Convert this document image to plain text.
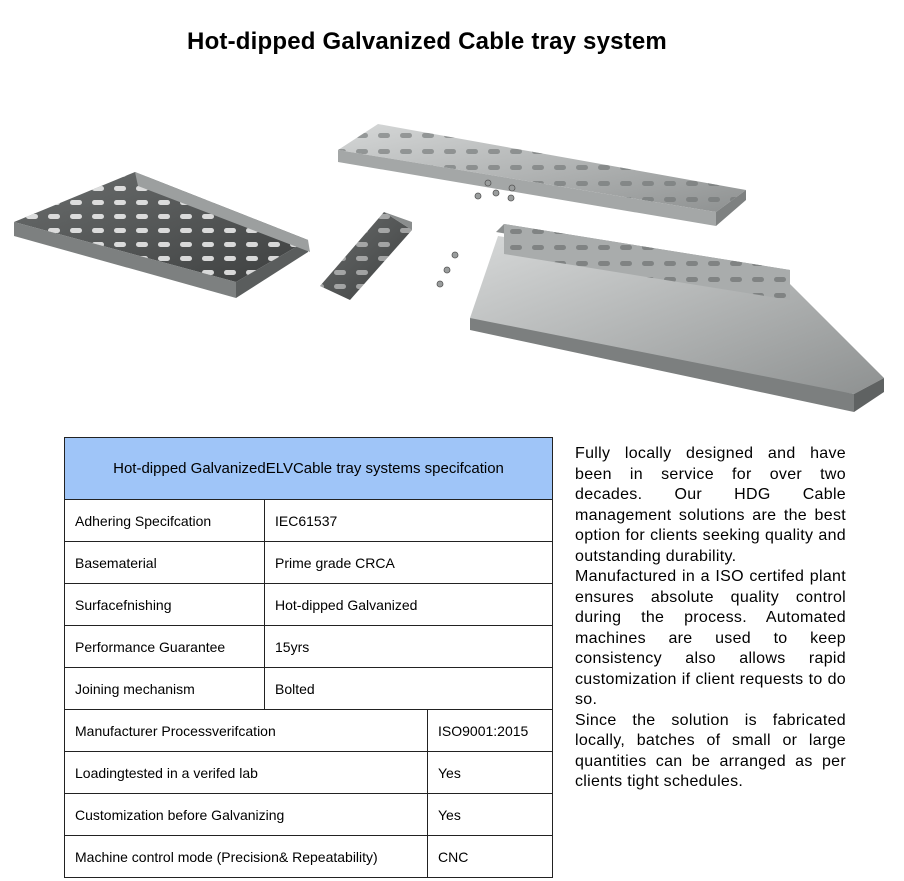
Hot-dipped Galvanized Cable tray system
Hot-dipped GalvanizedELVCable tray systems specifcation	
Adhering Specifcation	IEC61537
Basematerial	Prime grade CRCA
Surfacefnishing	Hot-dipped Galvanized
Performance Guarantee	15yrs
Joining mechanism	Bolted
Manufacturer Processverifcation	ISO9001:2015
Loadingtested in a verifed lab	Yes
Customization before Galvanizing	Yes
Machine control mode (Precision& Repeatability)	CNC

Fully locally designed and have been in service for over two decades. Our HDG Cable management solutions are the best option for clients seeking quality and outstanding durability.

Manufactured in a ISO certifed plant ensures absolute quality control during the process. Automated machines are used to keep consistency also allows rapid customization if client requests to do so.

Since the solution is fabricated locally, batches of small or large quantities can be arranged as per clients tight schedules.
